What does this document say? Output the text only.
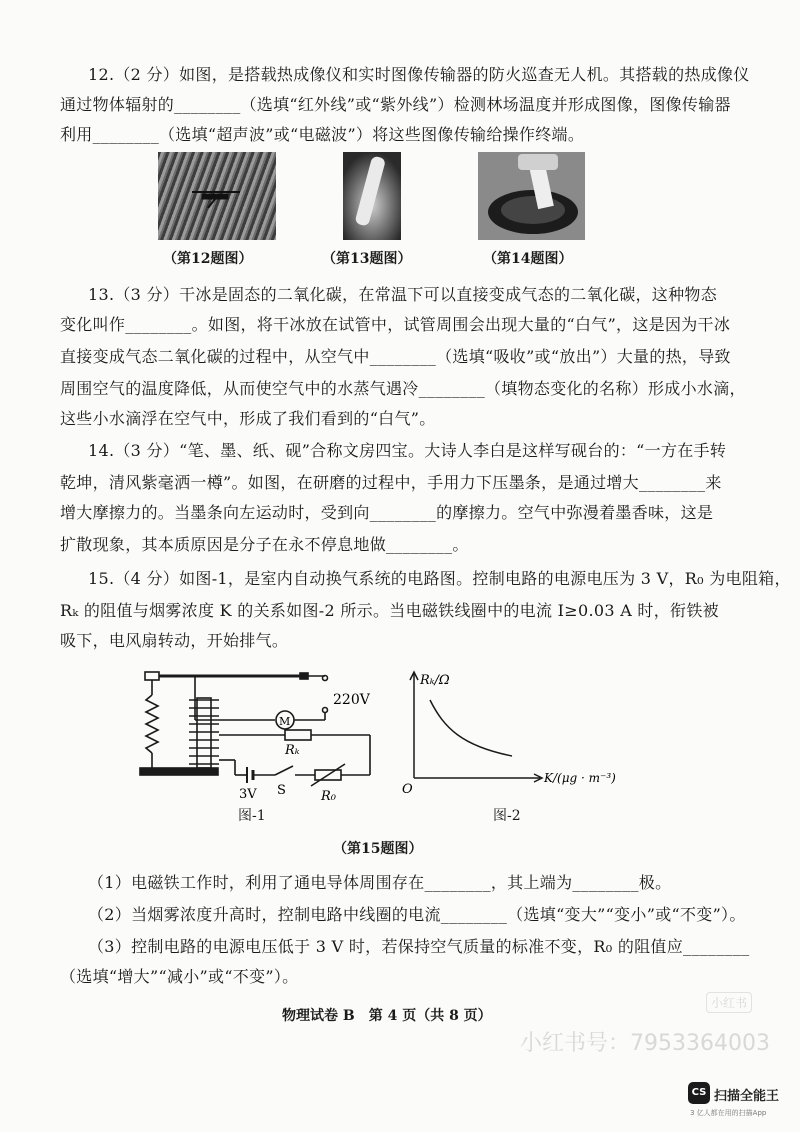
12.（2 分）如图，是搭载热成像仪和实时图像传输器的防火巡查无人机。其搭载的热成像仪
通过物体辐射的________（选填“红外线”或“紫外线”）检测林场温度并形成图像，图像传输器
利用________（选填“超声波”或“电磁波”）将这些图像传输给操作终端。
（第12题图）	（第13题图）	（第14题图）
13.（3 分）干冰是固态的二氧化碳，在常温下可以直接变成气态的二氧化碳，这种物态
变化叫作________。如图，将干冰放在试管中，试管周围会出现大量的“白气”，这是因为干冰
直接变成气态二氧化碳的过程中，从空气中________（选填“吸收”或“放出”）大量的热，导致
周围空气的温度降低，从而使空气中的水蒸气遇冷________（填物态变化的名称）形成小水滴，
这些小水滴浮在空气中，形成了我们看到的“白气”。
14.（3 分）“笔、墨、纸、砚”合称文房四宝。大诗人李白是这样写砚台的：“一方在手转
乾坤，清风紫毫洒一樽”。如图，在研磨的过程中，手用力下压墨条，是通过增大________来
增大摩擦力的。当墨条向左运动时，受到向________的摩擦力。空气中弥漫着墨香味，这是
扩散现象，其本质原因是分子在永不停息地做________。
15.（4 分）如图-1，是室内自动换气系统的电路图。控制电路的电源电压为 3 V，R₀ 为电阻箱，
Rₖ 的阻值与烟雾浓度 K 的关系如图-2 所示。当电磁铁线圈中的电流 I≥0.03 A 时，衔铁被
吸下，电风扇转动，开始排气。
220V
M
Rₖ
3V S	R₀
图-1
Rₖ/Ω
K/(μg · m⁻³)
O
图-2
（第15题图）
（1）电磁铁工作时，利用了通电导体周围存在________，其上端为________极。
（2）当烟雾浓度升高时，控制电路中线圈的电流________（选填“变大”“变小”或“不变”）。
（3）控制电路的电源电压低于 3 V 时，若保持空气质量的标准不变，R₀ 的阻值应________
（选填“增大”“减小”或“不变”）。
物理试卷 B　第 4 页（共 8 页）
小红书
小红书号：7953364003
CS 扫描全能王
3 亿人都在用的扫描App
